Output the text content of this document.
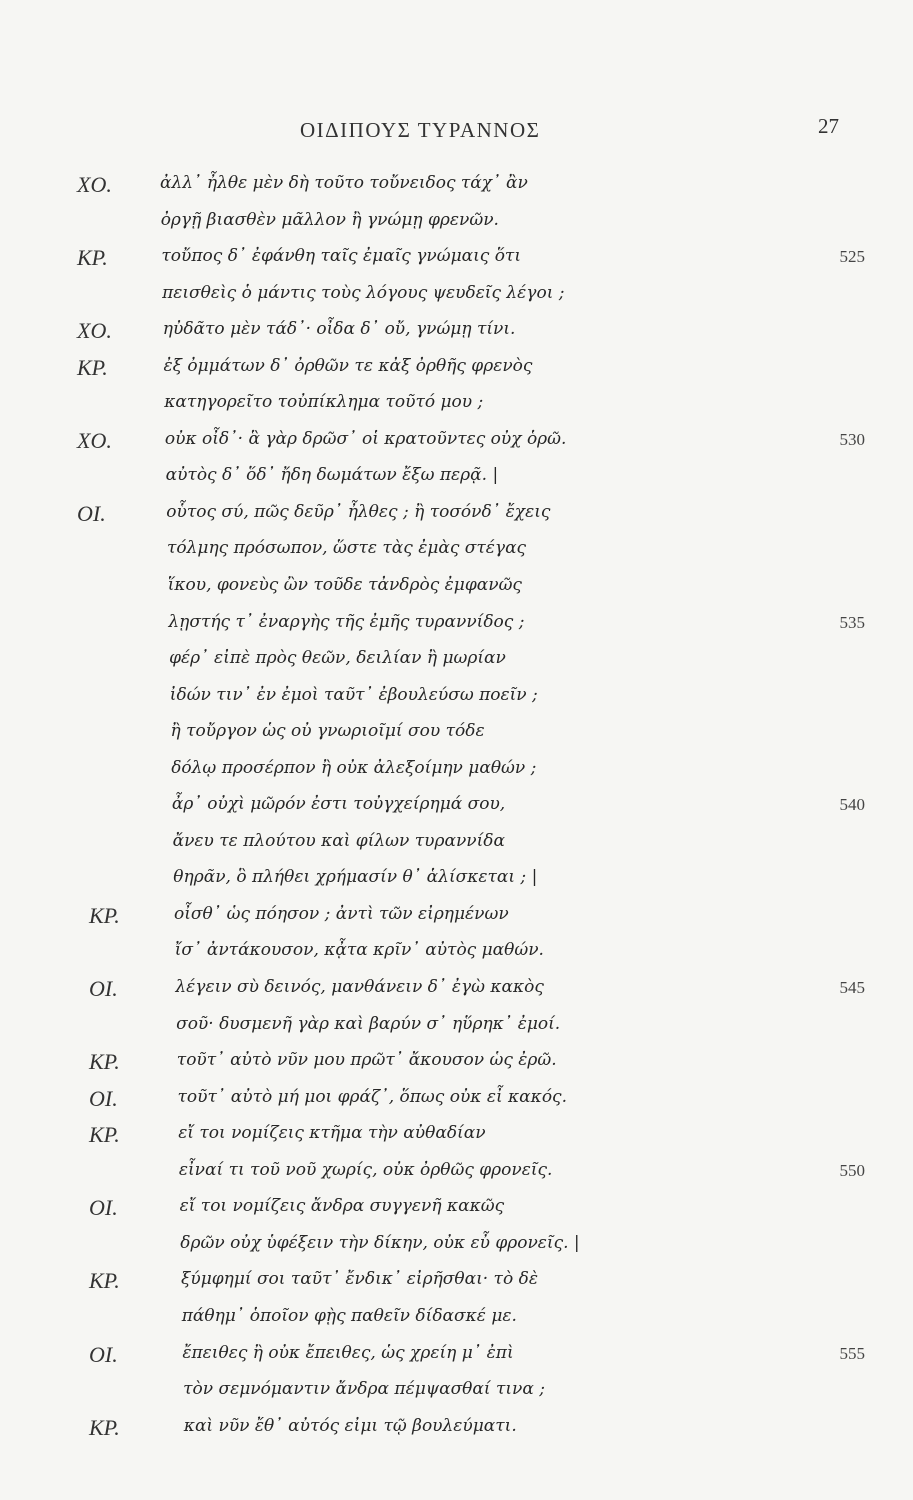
ΟΙΔΙΠΟΥΣ ΤΥΡΑΝΝΟΣ	27
ΧΟ.	ἀλλ᾽ ἦλθε μὲν δὴ τοῦτο τοὔνειδος τάχ᾽ ἂν
ὀργῇ βιασθὲν μᾶλλον ἢ γνώμῃ φρενῶν.
ΚΡ.	τοὔπος δ᾽ ἐφάνθη ταῖς ἐμαῖς γνώμαις ὅτι	525
πεισθεὶς ὁ μάντις τοὺς λόγους ψευδεῖς λέγοι ;
ΧΟ.	ηὐδᾶτο μὲν τάδ᾽· οἶδα δ᾽ οὔ, γνώμῃ τίνι.
ΚΡ.	ἐξ ὀμμάτων δ᾽ ὀρθῶν τε κἀξ ὀρθῆς φρενὸς
κατηγορεῖτο τοὐπίκλημα τοῦτό μου ;
ΧΟ.	οὐκ οἶδ᾽· ἃ γὰρ δρῶσ᾽ οἱ κρατοῦντες οὐχ ὁρῶ.	530
αὐτὸς δ᾽ ὅδ᾽ ἤδη δωμάτων ἔξω περᾷ. |
ΟΙ.	οὗτος σύ, πῶς δεῦρ᾽ ἦλθες ; ἢ τοσόνδ᾽ ἔχεις
τόλμης πρόσωπον, ὥστε τὰς ἐμὰς στέγας
ἵκου, φονεὺς ὢν τοῦδε τἀνδρὸς ἐμφανῶς
λῃστής τ᾽ ἐναργὴς τῆς ἐμῆς τυραννίδος ;	535
φέρ᾽ εἰπὲ πρὸς θεῶν, δειλίαν ἢ μωρίαν
ἰδών τιν᾽ ἐν ἐμοὶ ταῦτ᾽ ἐβουλεύσω ποεῖν ;
ἢ τοὔργον ὡς οὐ γνωριοῖμί σου τόδε
δόλῳ προσέρπον ἢ οὐκ ἀλεξοίμην μαθών ;
ἆρ᾽ οὐχὶ μῶρόν ἐστι τοὐγχείρημά σου,	540
ἄνευ τε πλούτου καὶ φίλων τυραννίδα
θηρᾶν, ὃ πλήθει χρήμασίν θ᾽ ἁλίσκεται ; |
ΚΡ.	οἶσθ᾽ ὡς πόησον ; ἀντὶ τῶν εἰρημένων
ἴσ᾽ ἀντάκουσον, κᾆτα κρῖν᾽ αὐτὸς μαθών.
ΟΙ.	λέγειν σὺ δεινός, μανθάνειν δ᾽ ἐγὼ κακὸς	545
σοῦ· δυσμενῆ γὰρ καὶ βαρύν σ᾽ ηὕρηκ᾽ ἐμοί.
ΚΡ.	τοῦτ᾽ αὐτὸ νῦν μου πρῶτ᾽ ἄκουσον ὡς ἐρῶ.
ΟΙ.	τοῦτ᾽ αὐτὸ μή μοι φράζ᾽, ὅπως οὐκ εἶ κακός.
ΚΡ.	εἴ τοι νομίζεις κτῆμα τὴν αὐθαδίαν
εἶναί τι τοῦ νοῦ χωρίς, οὐκ ὀρθῶς φρονεῖς.	550
ΟΙ.	εἴ τοι νομίζεις ἄνδρα συγγενῆ κακῶς
δρῶν οὐχ ὑφέξειν τὴν δίκην, οὐκ εὖ φρονεῖς. |
ΚΡ.	ξύμφημί σοι ταῦτ᾽ ἔνδικ᾽ εἰρῆσθαι· τὸ δὲ
πάθημ᾽ ὁποῖον φῂς παθεῖν δίδασκέ με.
ΟΙ.	ἔπειθες ἢ οὐκ ἔπειθες, ὡς χρείη μ᾽ ἐπὶ	555
τὸν σεμνόμαντιν ἄνδρα πέμψασθαί τινα ;
ΚΡ.	καὶ νῦν ἔθ᾽ αὐτός εἰμι τῷ βουλεύματι.
